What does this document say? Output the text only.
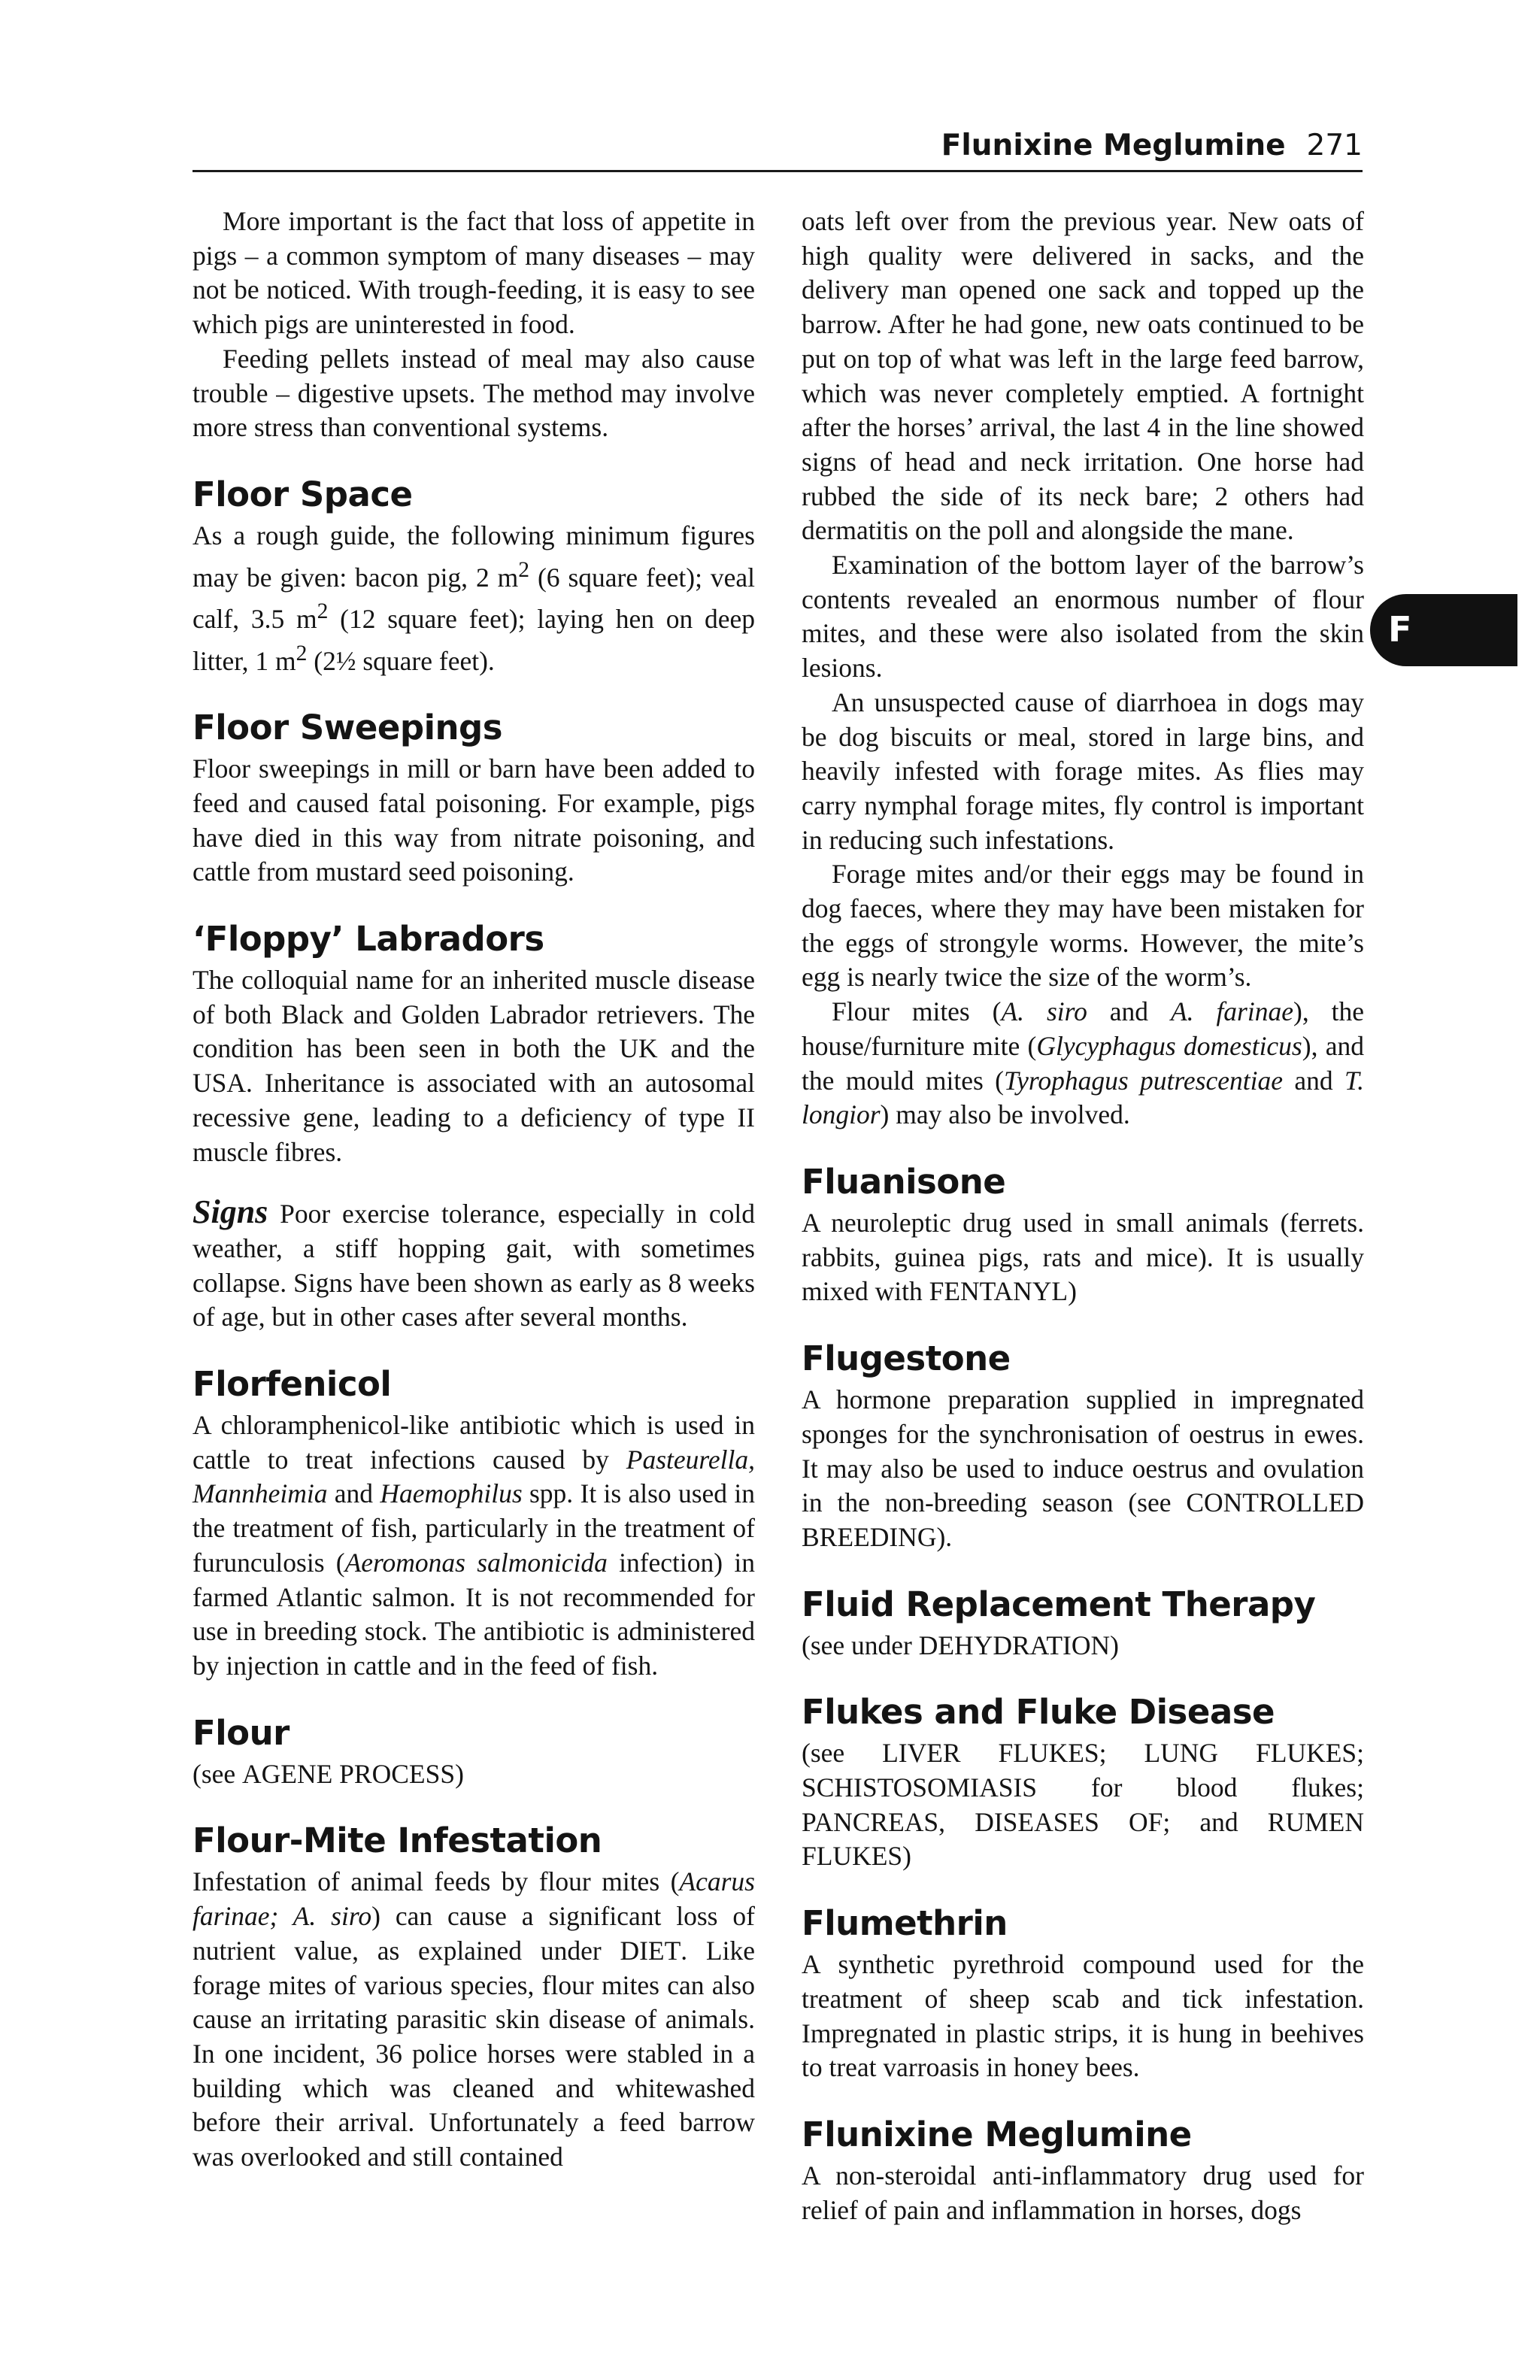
Flunixine Meglumine 271
F

More important is the fact that loss of appetite in pigs – a common symptom of many diseases – may not be noticed. With trough-feeding, it is easy to see which pigs are uninterested in food.

Feeding pellets instead of meal may also cause trouble – digestive upsets. The method may involve more stress than conventional systems.

Floor Space

As a rough guide, the following minimum figures may be given: bacon pig, 2 $m^2$ (6 square feet); veal calf, 3.5 $m^2$ (12 square feet); laying hen on deep litter, 1 $m^2$ (2½ square feet).

Floor Sweepings

Floor sweepings in mill or barn have been added to feed and caused fatal poisoning. For example, pigs have died in this way from nitrate poisoning, and cattle from mustard seed poisoning.

‘Floppy’ Labradors

The colloquial name for an inherited muscle disease of both Black and Golden Labrador retrievers. The condition has been seen in both the UK and the USA. Inheritance is associated with an autosomal recessive gene, leading to a deficiency of type II muscle fibres.

Signs Poor exercise tolerance, especially in cold weather, a stiff hopping gait, with sometimes collapse. Signs have been shown as early as 8 weeks of age, but in other cases after several months.

Florfenicol

A chloramphenicol-like antibiotic which is used in cattle to treat infections caused by Pasteurella, Mannheimia and Haemophilus spp. It is also used in the treatment of fish, particularly in the treatment of furunculosis (Aeromonas salmonicida infection) in farmed Atlantic salmon. It is not recommended for use in breeding stock. The antibiotic is administered by injection in cattle and in the feed of fish.

Flour

(see AGENE PROCESS)

Flour-Mite Infestation

Infestation of animal feeds by flour mites (Acarus farinae; A. siro) can cause a significant loss of nutrient value, as explained under DIET. Like forage mites of various species, flour mites can also cause an irritating parasitic skin disease of animals. In one incident, 36 police horses were stabled in a building which was cleaned and whitewashed before their arrival. Unfortunately a feed barrow was overlooked and still contained

oats left over from the previous year. New oats of high quality were delivered in sacks, and the delivery man opened one sack and topped up the barrow. After he had gone, new oats continued to be put on top of what was left in the large feed barrow, which was never completely emptied. A fortnight after the horses’ arrival, the last 4 in the line showed signs of head and neck irritation. One horse had rubbed the side of its neck bare; 2 others had dermatitis on the poll and alongside the mane.

Examination of the bottom layer of the barrow’s contents revealed an enormous number of flour mites, and these were also isolated from the skin lesions.

An unsuspected cause of diarrhoea in dogs may be dog biscuits or meal, stored in large bins, and heavily infested with forage mites. As flies may carry nymphal forage mites, fly control is important in reducing such infestations.

Forage mites and/or their eggs may be found in dog faeces, where they may have been mistaken for the eggs of strongyle worms. However, the mite’s egg is nearly twice the size of the worm’s.

Flour mites (A. siro and A. farinae), the house/furniture mite (Glycyphagus domesticus), and the mould mites (Tyrophagus putrescentiae and T. longior) may also be involved.

Fluanisone

A neuroleptic drug used in small animals (ferrets. rabbits, guinea pigs, rats and mice). It is usually mixed with FENTANYL)

Flugestone

A hormone preparation supplied in impregnated sponges for the synchronisation of oestrus in ewes. It may also be used to induce oestrus and ovulation in the non-breeding season (see CONTROLLED BREEDING).

Fluid Replacement Therapy

(see under DEHYDRATION)

Flukes and Fluke Disease

(see LIVER FLUKES; LUNG FLUKES; SCHISTOSOMIASIS for blood flukes; PANCREAS, DISEASES OF; and RUMEN FLUKES)

Flumethrin

A synthetic pyrethroid compound used for the treatment of sheep scab and tick infestation. Impregnated in plastic strips, it is hung in beehives to treat varroasis in honey bees.

Flunixine Meglumine

A non-steroidal anti-inflammatory drug used for relief of pain and inflammation in horses, dogs
